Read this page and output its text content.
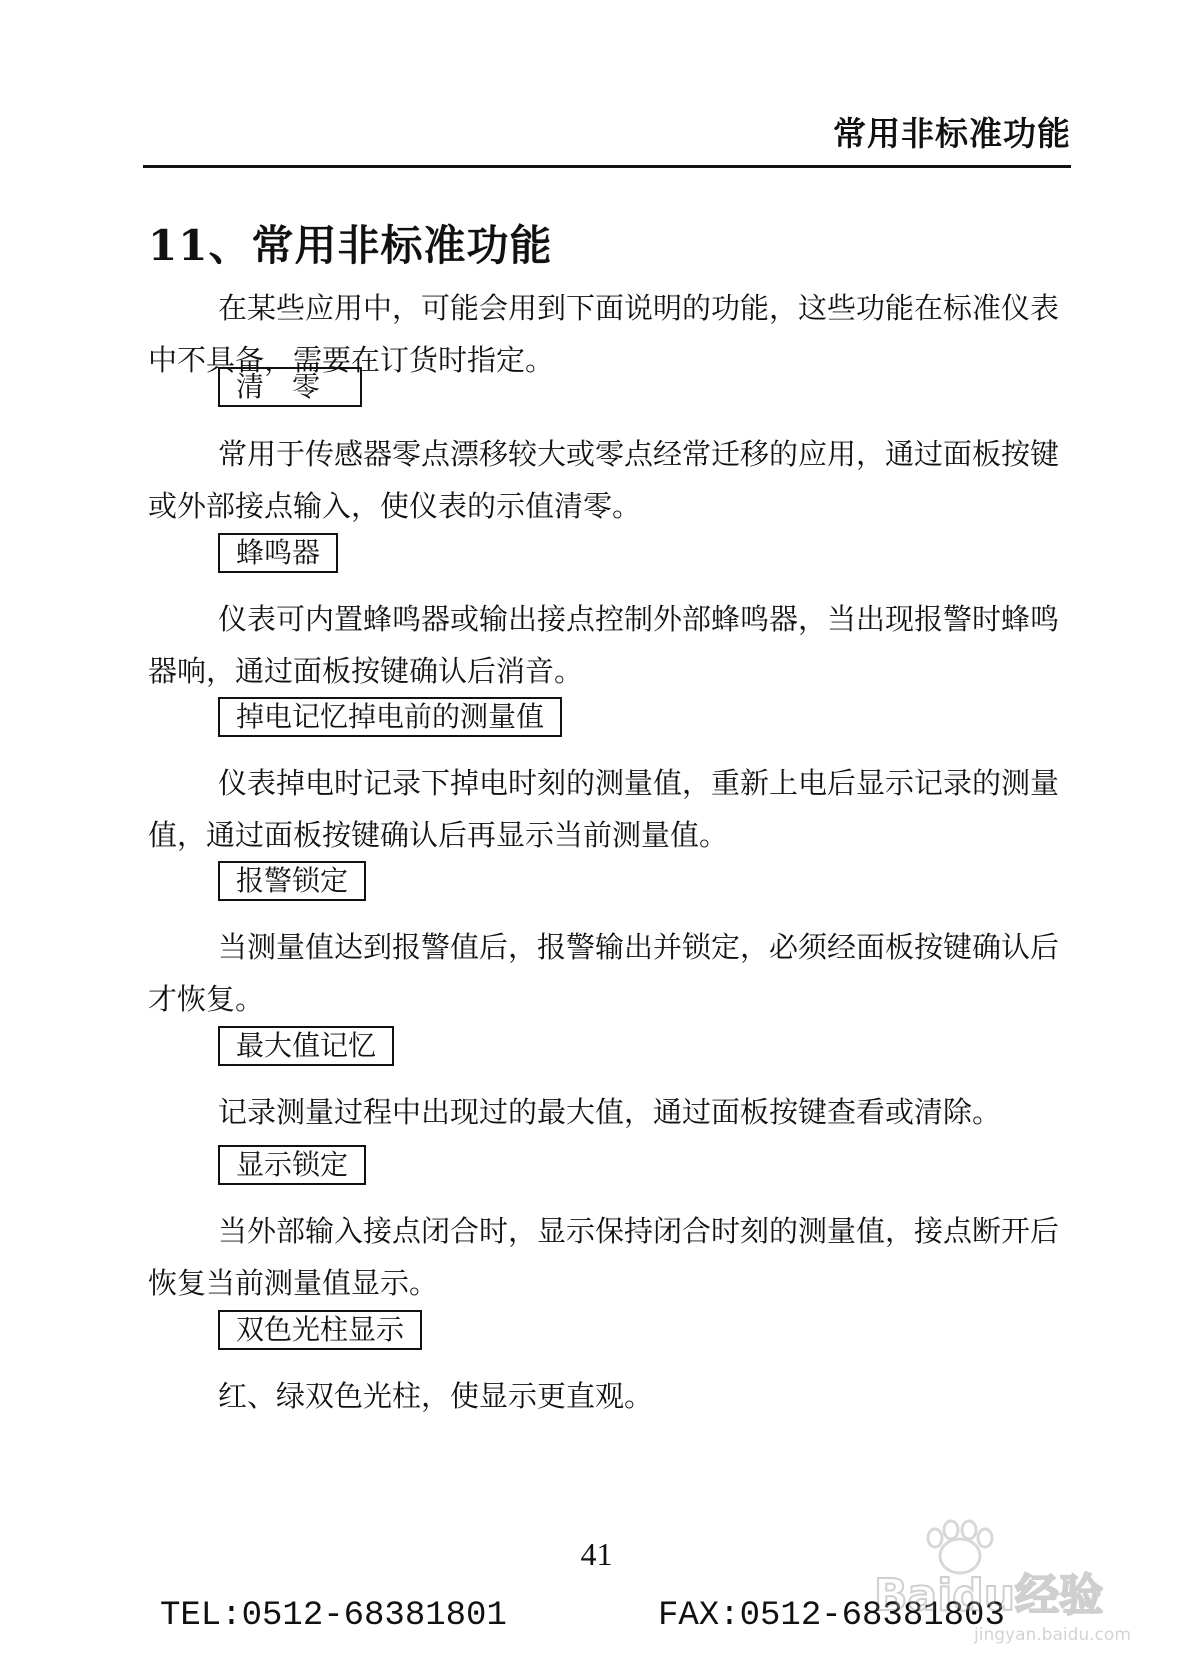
常用非标准功能
11、常用非标准功能

在某些应用中，可能会用到下面说明的功能，这些功能在标准仪表中不具备，需要在订货时指定。

清　零

常用于传感器零点漂移较大或零点经常迁移的应用，通过面板按键或外部接点输入，使仪表的示值清零。

蜂鸣器

仪表可内置蜂鸣器或输出接点控制外部蜂鸣器，当出现报警时蜂鸣器响，通过面板按键确认后消音。

掉电记忆掉电前的测量值

仪表掉电时记录下掉电时刻的测量值，重新上电后显示记录的测量值，通过面板按键确认后再显示当前测量值。

报警锁定

当测量值达到报警值后，报警输出并锁定，必须经面板按键确认后才恢复。

最大值记忆

记录测量过程中出现过的最大值，通过面板按键查看或清除。

显示锁定

当外部输入接点闭合时，显示保持闭合时刻的测量值，接点断开后恢复当前测量值显示。

双色光柱显示

红、绿双色光柱，使显示更直观。

41
TEL:0512-68381801	FAX:0512-68381803
Baidu经验
jingyan.baidu.com
